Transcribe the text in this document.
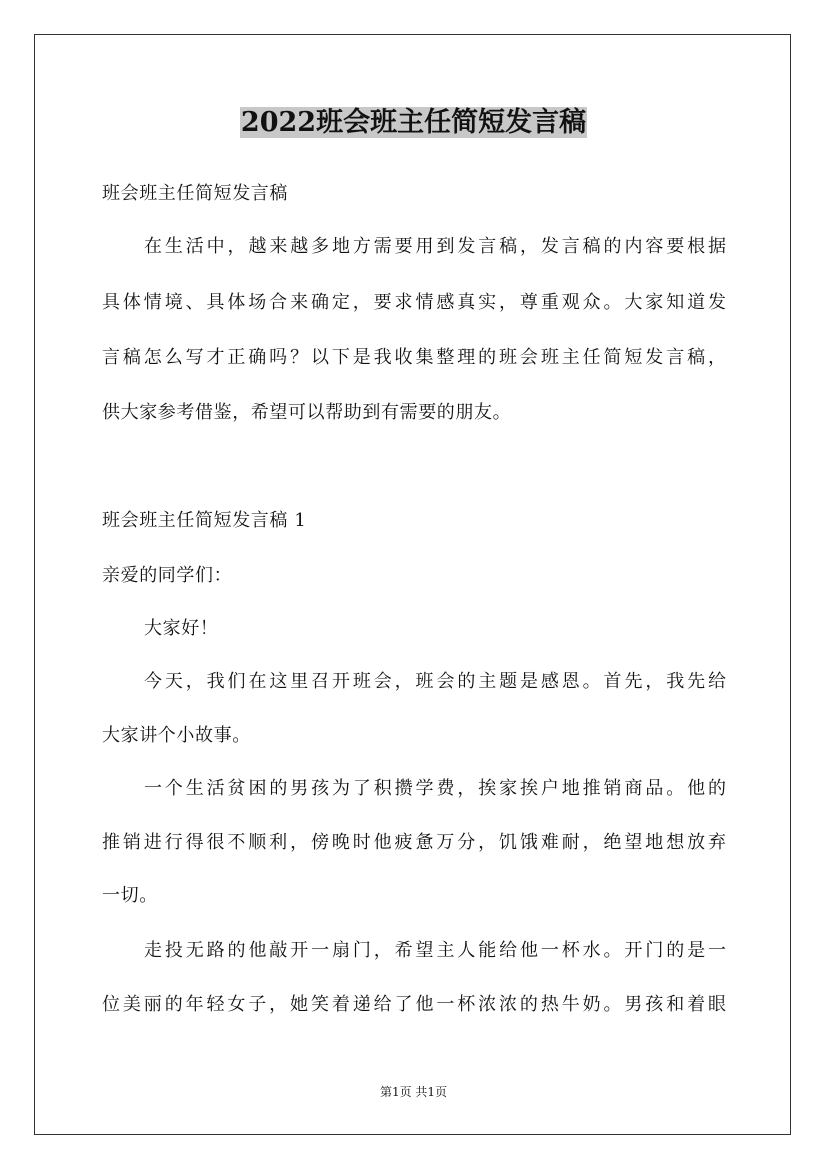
2022班会班主任简短发言稿
班会班主任简短发言稿
在生活中，越来越多地方需要用到发言稿，发言稿的内容要根据
具体情境、具体场合来确定，要求情感真实，尊重观众。大家知道发
言稿怎么写才正确吗？以下是我收集整理的班会班主任简短发言稿，
供大家参考借鉴，希望可以帮助到有需要的朋友。
班会班主任简短发言稿 1
亲爱的同学们：
大家好！
今天，我们在这里召开班会，班会的主题是感恩。首先，我先给
大家讲个小故事。
一个生活贫困的男孩为了积攒学费，挨家挨户地推销商品。他的
推销进行得很不顺利，傍晚时他疲惫万分，饥饿难耐，绝望地想放弃
一切。
走投无路的他敲开一扇门，希望主人能给他一杯水。开门的是一
位美丽的年轻女子，她笑着递给了他一杯浓浓的热牛奶。男孩和着眼
第1页 共1页
